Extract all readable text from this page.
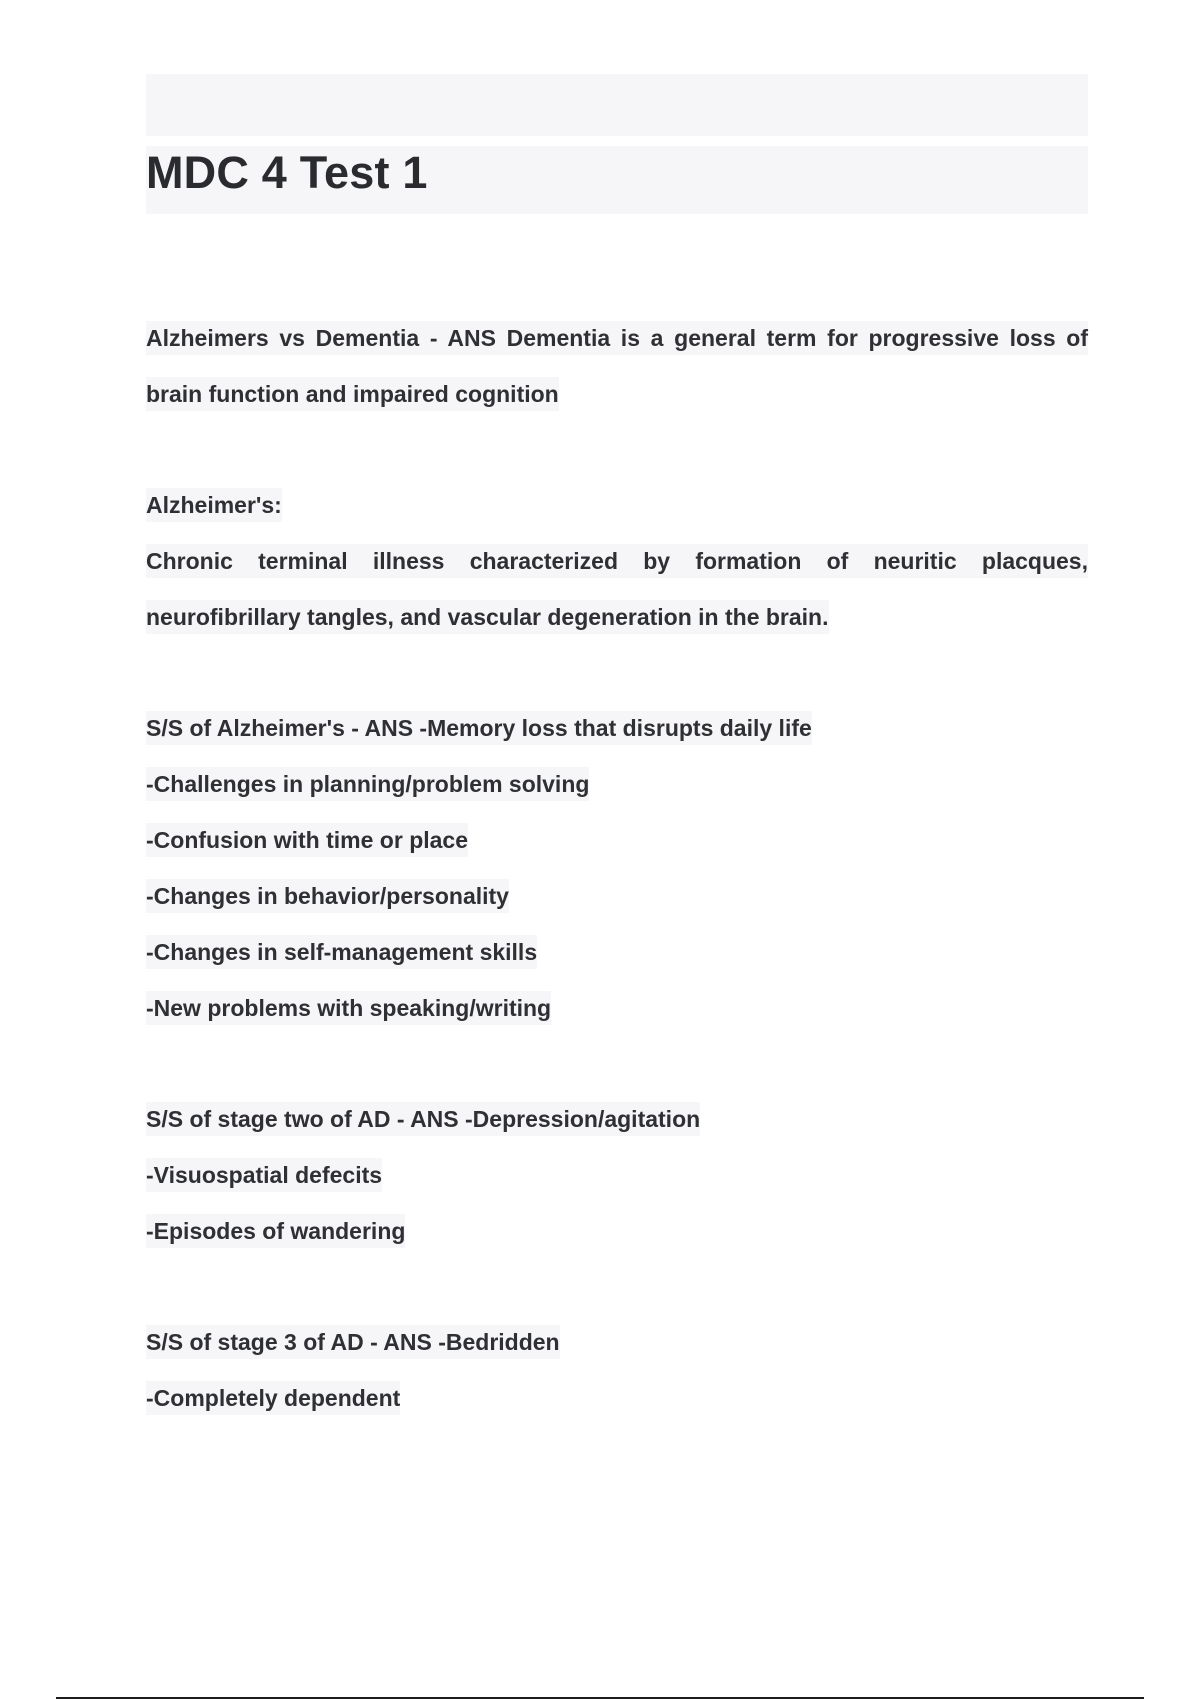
MDC 4 Test 1
Alzheimers vs Dementia - ANS Dementia is a general term for progressive loss of
brain function and impaired cognition
Alzheimer's:
Chronic terminal illness characterized by formation of neuritic placques,
neurofibrillary tangles, and vascular degeneration in the brain.
S/S of Alzheimer's - ANS -Memory loss that disrupts daily life
-Challenges in planning/problem solving
-Confusion with time or place
-Changes in behavior/personality
-Changes in self-management skills
-New problems with speaking/writing
S/S of stage two of AD - ANS -Depression/agitation
-Visuospatial defecits
-Episodes of wandering
S/S of stage 3 of AD - ANS -Bedridden
-Completely dependent
